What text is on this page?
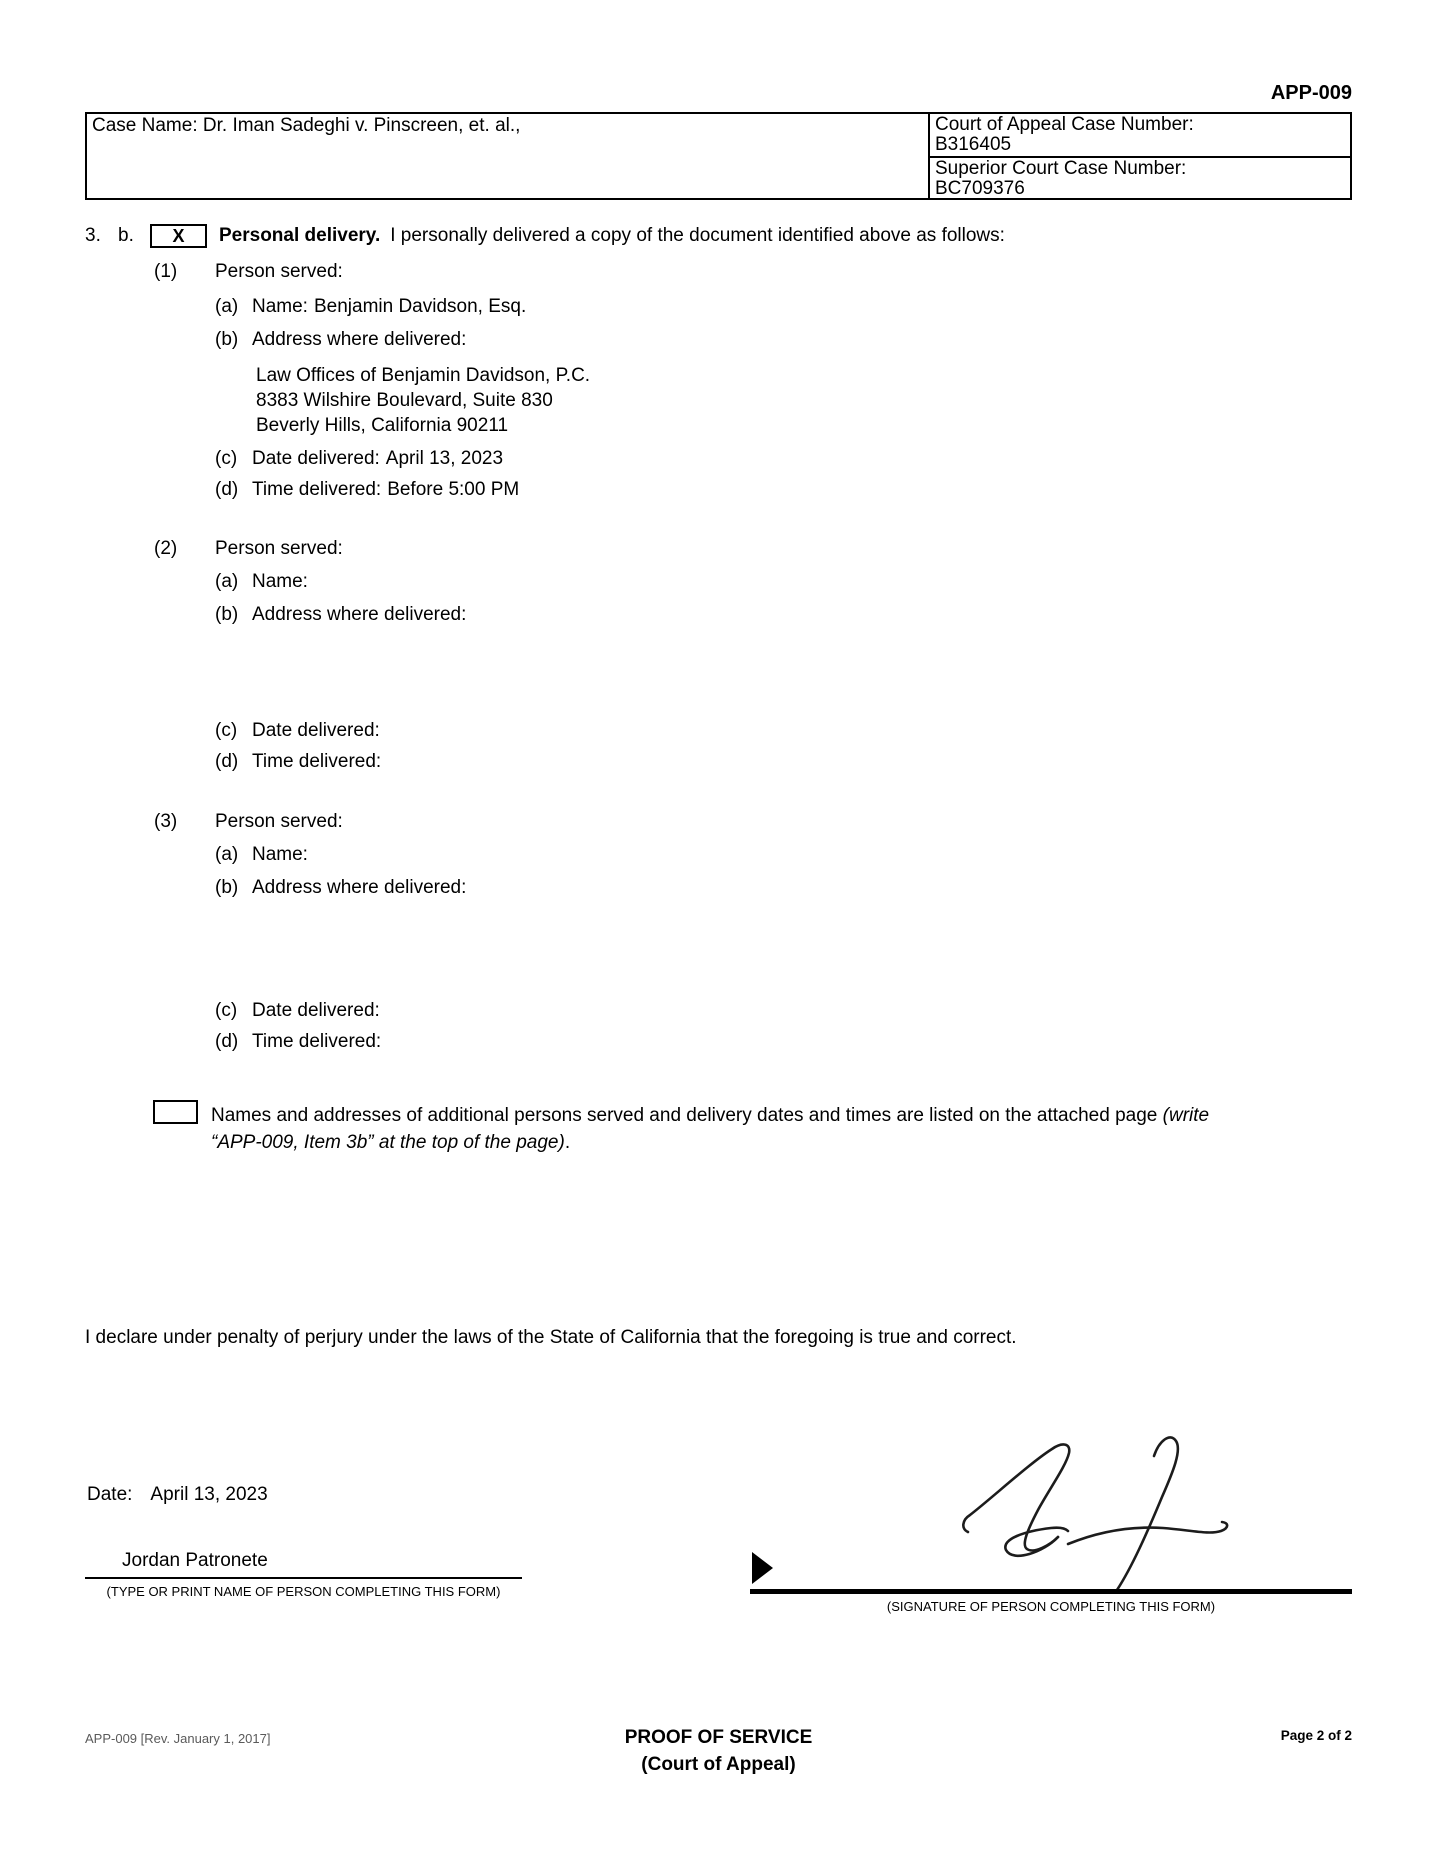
APP-009
Case Name: Dr. Iman Sadeghi v. Pinscreen, et. al.,	Court of Appeal Case Number:
B316405
Superior Court Case Number:
BC709376
3. b.	X	Personal delivery. I personally delivered a copy of the document identified above as follows:
(1) Person served:
(a) Name: Benjamin Davidson, Esq.
(b) Address where delivered:
Law Offices of Benjamin Davidson, P.C.
8383 Wilshire Boulevard, Suite 830
Beverly Hills, California 90211
(c) Date delivered: April 13, 2023
(d) Time delivered: Before 5:00 PM
(2) Person served:
(a) Name:
(b) Address where delivered:
(c) Date delivered:
(d) Time delivered:
(3) Person served:
(a) Name:
(b) Address where delivered:
(c) Date delivered:
(d) Time delivered:
Names and addresses of additional persons served and delivery dates and times are listed on the attached page (write
“APP-009, Item 3b” at the top of the page).
I declare under penalty of perjury under the laws of the State of California that the foregoing is true and correct.
Date: April 13, 2023
Jordan Patronete
(TYPE OR PRINT NAME OF PERSON COMPLETING THIS FORM)
(SIGNATURE OF PERSON COMPLETING THIS FORM)
APP-009 [Rev. January 1, 2017]	PROOF OF SERVICE
(Court of Appeal)
Page 2 of 2
